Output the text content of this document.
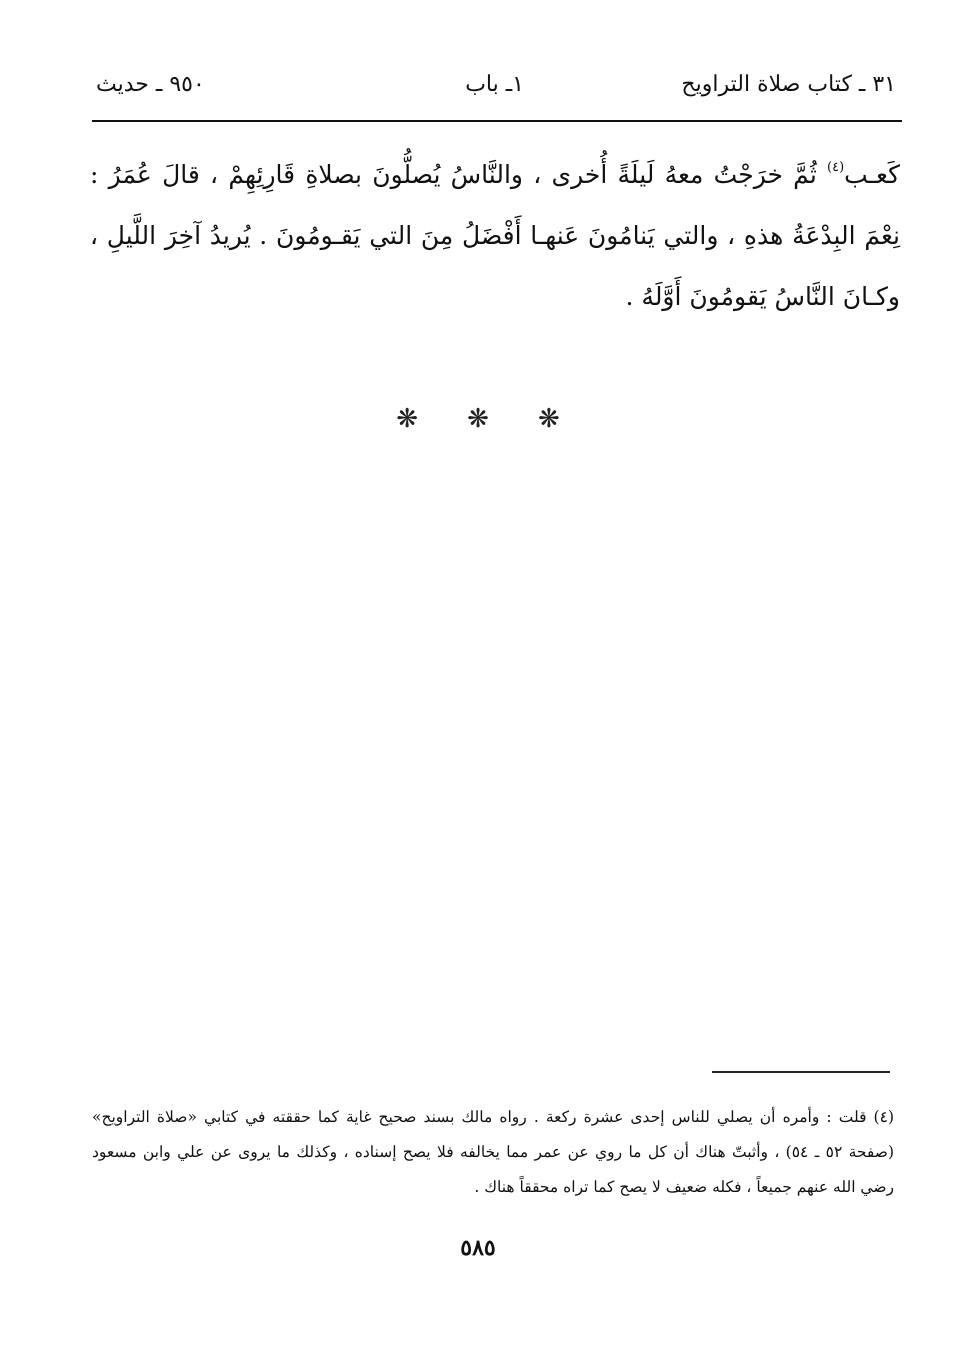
٣١ ـ كتاب صلاة التراويح
١ـ باب
٩٥٠ ـ حديث
كَعـب$^{(٤)}$ ثُمَّ خرَجْتُ معهُ لَيلَةً أُخرى ، والنَّاسُ يُصلُّونَ بصلاةِ قَارِئِهِمْ ، قالَ عُمَرُ : نِعْمَ البِدْعَةُ هذهِ ، والتي يَنامُونَ عَنهـا أَفْضَلُ مِنَ التي يَقـومُونَ . يُريدُ آخِرَ اللَّيلِ ، وكـانَ النَّاسُ يَقومُونَ أَوَّلَهُ .
❋ ❋ ❋
(٤) قلت : وأمره أن يصلي للناس إحدى عشرة ركعة . رواه مالك بسند صحيح غاية كما حققته في كتابي «صلاة التراويح» (صفحة ٥٢ ـ ٥٤) ، وأثبتّ هناك أن كل ما روي عن عمر مما يخالفه فلا يصح إسناده ، وكذلك ما يروى عن علي وابن مسعود رضي الله عنهم جميعاً ، فكله ضعيف لا يصح كما تراه محققاً هناك .
٥٨٥
